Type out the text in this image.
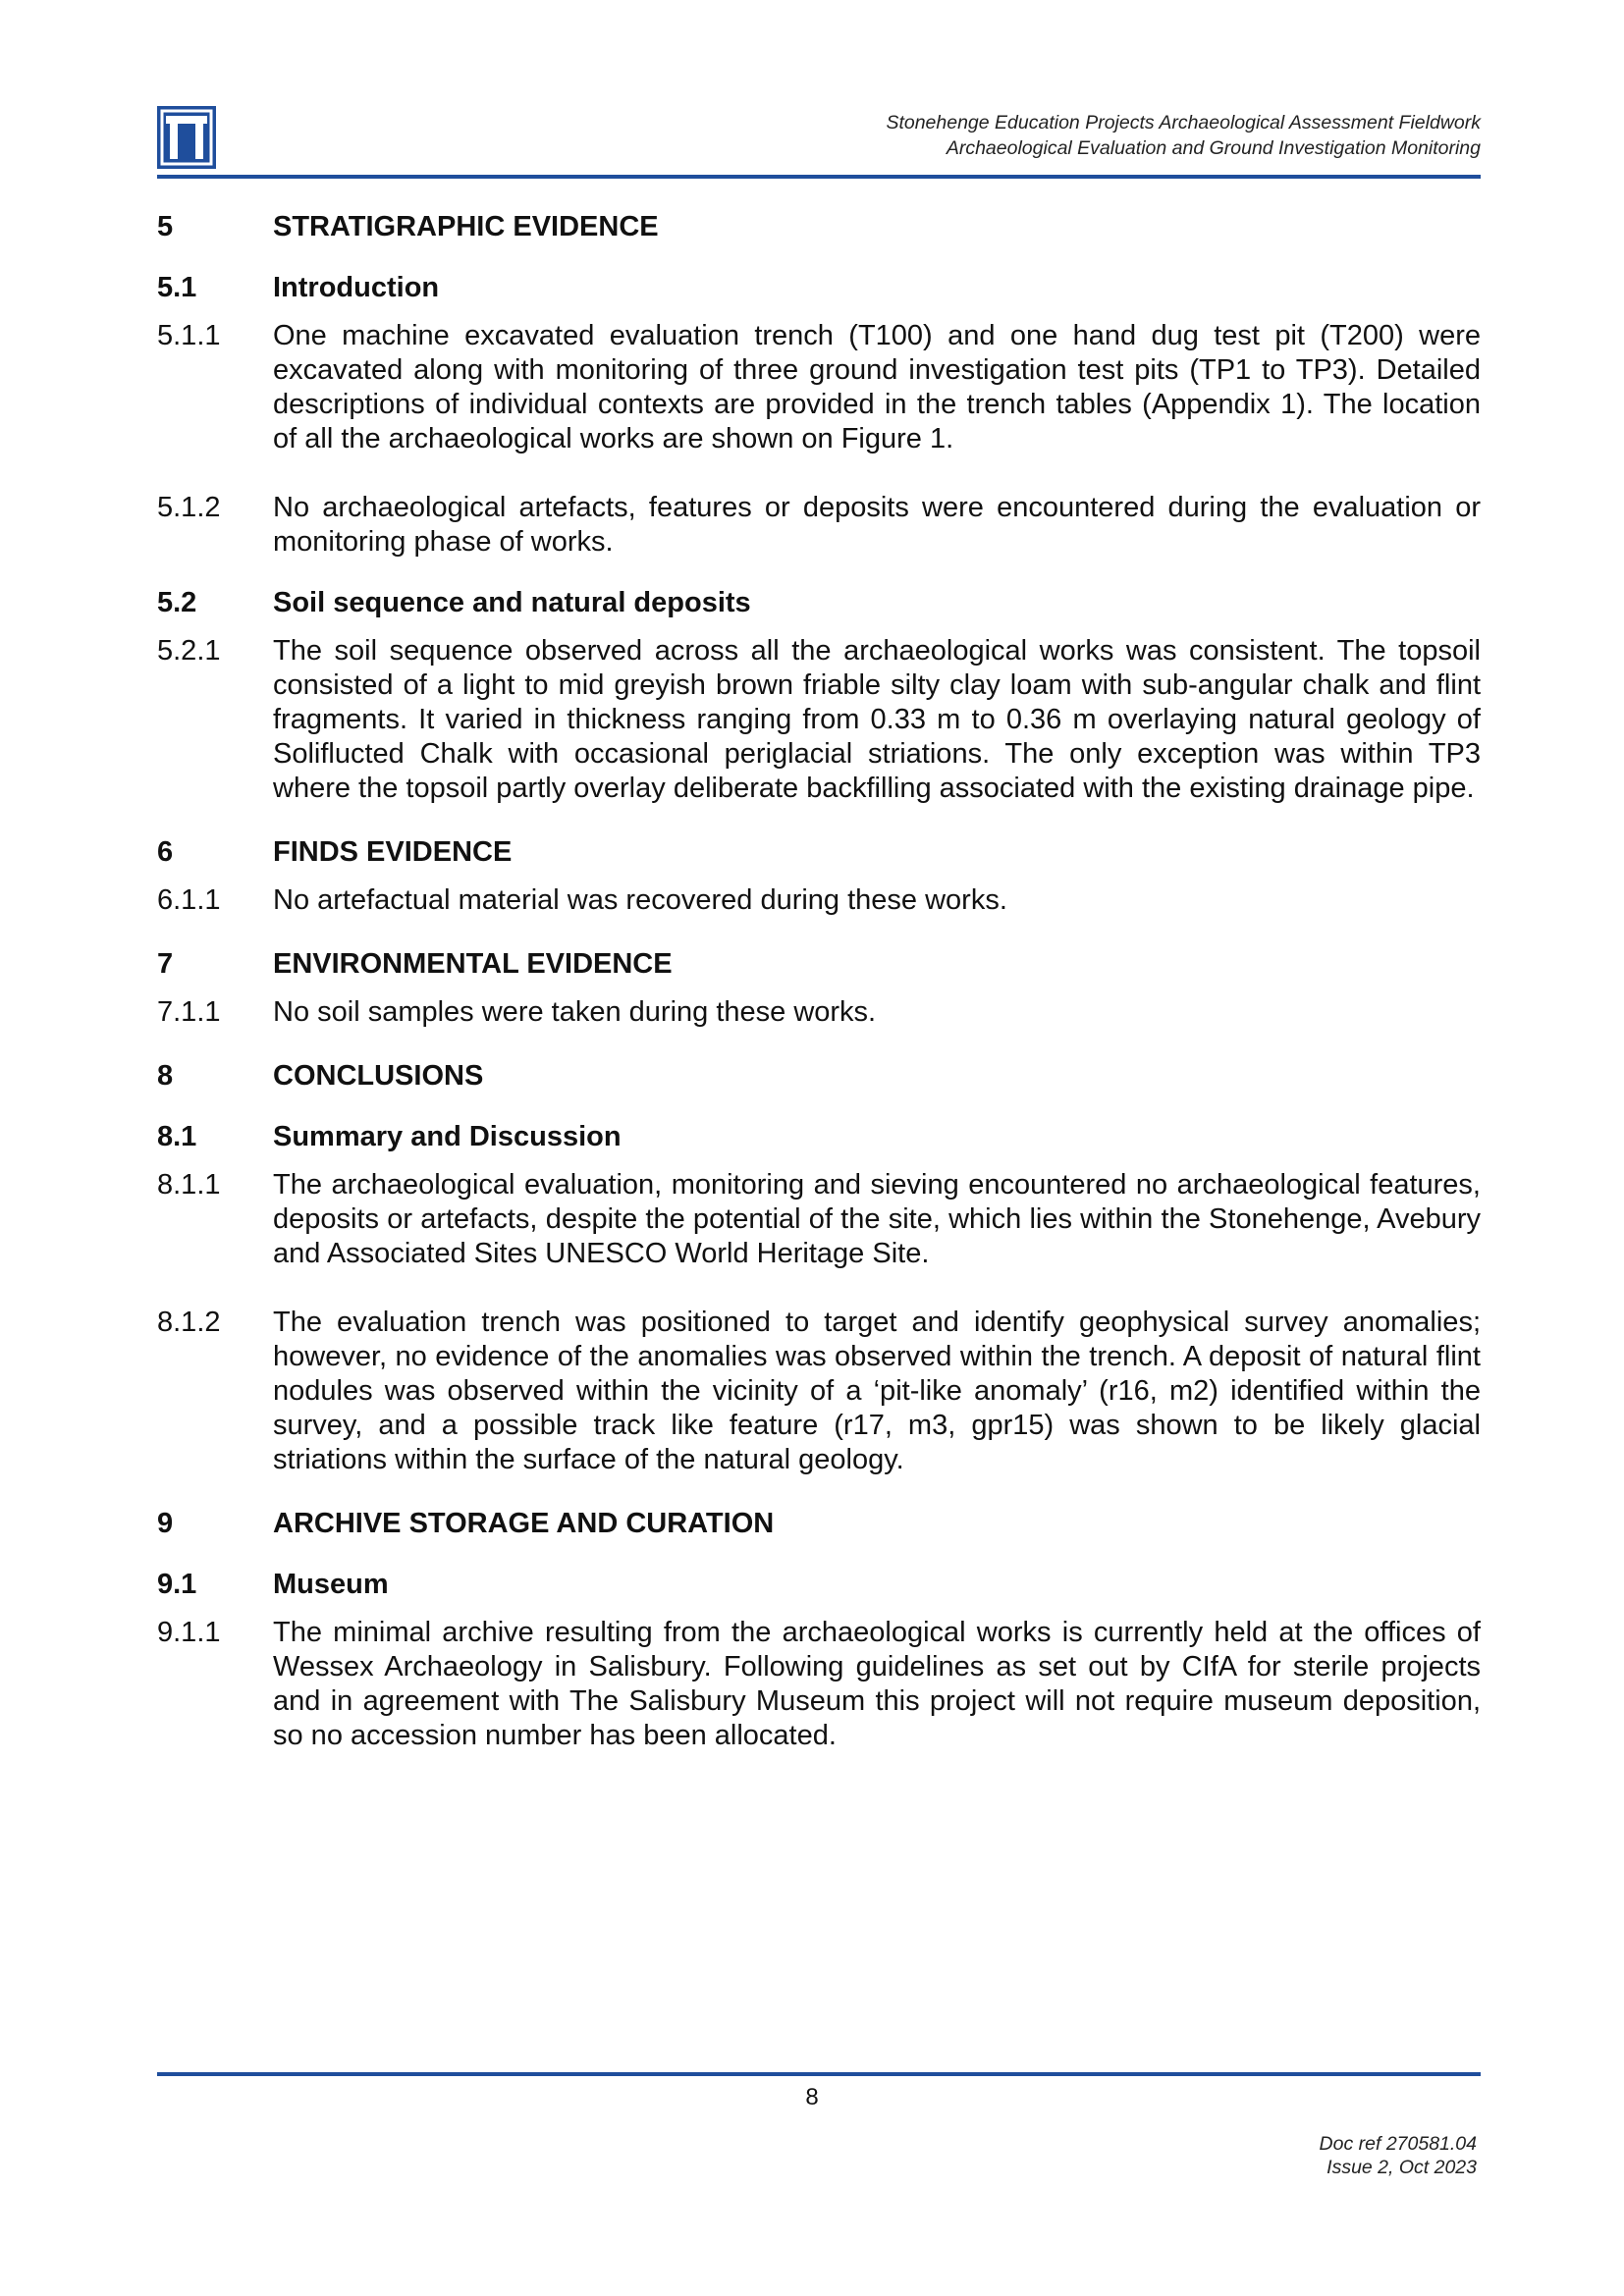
Stonehenge Education Projects Archaeological Assessment Fieldwork
Archaeological Evaluation and Ground Investigation Monitoring
5	STRATIGRAPHIC EVIDENCE
5.1	Introduction
5.1.1	One machine excavated evaluation trench (T100) and one hand dug test pit (T200) were excavated along with monitoring of three ground investigation test pits (TP1 to TP3). Detailed descriptions of individual contexts are provided in the trench tables (Appendix 1). The location of all the archaeological works are shown on Figure 1.
5.1.2	No archaeological artefacts, features or deposits were encountered during the evaluation or monitoring phase of works.
5.2	Soil sequence and natural deposits
5.2.1	The soil sequence observed across all the archaeological works was consistent. The topsoil consisted of a light to mid greyish brown friable silty clay loam with sub-angular chalk and flint fragments. It varied in thickness ranging from 0.33 m to 0.36 m overlaying natural geology of Soliflucted Chalk with occasional periglacial striations. The only exception was within TP3 where the topsoil partly overlay deliberate backfilling associated with the existing drainage pipe.
6	FINDS EVIDENCE
6.1.1	No artefactual material was recovered during these works.
7	ENVIRONMENTAL EVIDENCE
7.1.1	No soil samples were taken during these works.
8	CONCLUSIONS
8.1	Summary and Discussion
8.1.1	The archaeological evaluation, monitoring and sieving encountered no archaeological features, deposits or artefacts, despite the potential of the site, which lies within the Stonehenge, Avebury and Associated Sites UNESCO World Heritage Site.
8.1.2	The evaluation trench was positioned to target and identify geophysical survey anomalies; however, no evidence of the anomalies was observed within the trench. A deposit of natural flint nodules was observed within the vicinity of a ‘pit-like anomaly’ (r16, m2) identified within the survey, and a possible track like feature (r17, m3, gpr15) was shown to be likely glacial striations within the surface of the natural geology.
9	ARCHIVE STORAGE AND CURATION
9.1	Museum
9.1.1	The minimal archive resulting from the archaeological works is currently held at the offices of Wessex Archaeology in Salisbury. Following guidelines as set out by CIfA for sterile projects and in agreement with The Salisbury Museum this project will not require museum deposition, so no accession number has been allocated.
8
Doc ref 270581.04
Issue 2, Oct 2023
